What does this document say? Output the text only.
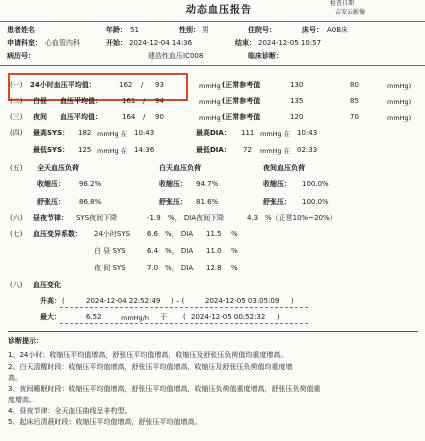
检查日期
吉安云影像
动态血压报告
患者姓名	年龄： 51	性别： 男	住院号：	床号： A0B床
申请科室： 心血管内科	开始： 2024-12-04 14:36	结束： 2024-12-05 10:57
病历号：	建浩性血压IC008	临床诊断：
(一) 24小时血压平均值：	162 / 93	mmHg (正常参考值	130	80	mmHg)
(二) 白昼 血压平均值：	161 / 94	mmHg (正常参考值	135	85	mmHg)
(三) 夜间 血压平均值：	164 / 90	mmHg (正常参考值	120	70	mmHg)
(四) 最高SYS： 182 mmHg 在 10:43	最高DIA： 111 mmHg 在 10:43
最低SYS： 125 mmHg 在 14:36	最低DIA： 72 mmHg 在 02:33
(五) 全天血压负荷	白天血压负荷	夜间血压负荷
收缩压： 96.2%	收缩压： 94.7%	收缩压： 100.0%
舒张压： 86.8%	舒张压： 81.6%	舒张压： 100.0%
(六) 昼夜节律： SYS夜间下降	-1.9 %， DIA夜间下降	4.3 %（正常10%~20%）
(七) 血压变异系数： 24小时SYS 6.6 %， DIA 11.5 %
白 昼 SYS	6.4 %， DIA 11.0 %
夜 间 SYS	7.0 %， DIA 12.8 %
(八) 血压变化
升高： (	2024-12-04 22:52:49 ) – (	2024-12-05 03:05:09 )
最大：	6.52	mmHg/h 于 ( 2024-12-05 00:52:32 )
诊断提示：
1、24小时：收缩压平均值增高，舒张压平均值增高，收缩压及舒张压负荷值均重度增高。
2、白天清醒时段：收缩压平均值增高，舒张压平均值增高，收缩压及舒张压负荷值均重度增
高。
3、夜间睡眠时段：收缩压平均值增高，舒张压平均值增高，收缩压负荷值重度增高，舒张压负荷值重
度增高。
4、昼夜节律：全天血压曲线呈非杓型。
5、起床后清晨时段：收缩压平均值增高，舒张压平均值增高。
